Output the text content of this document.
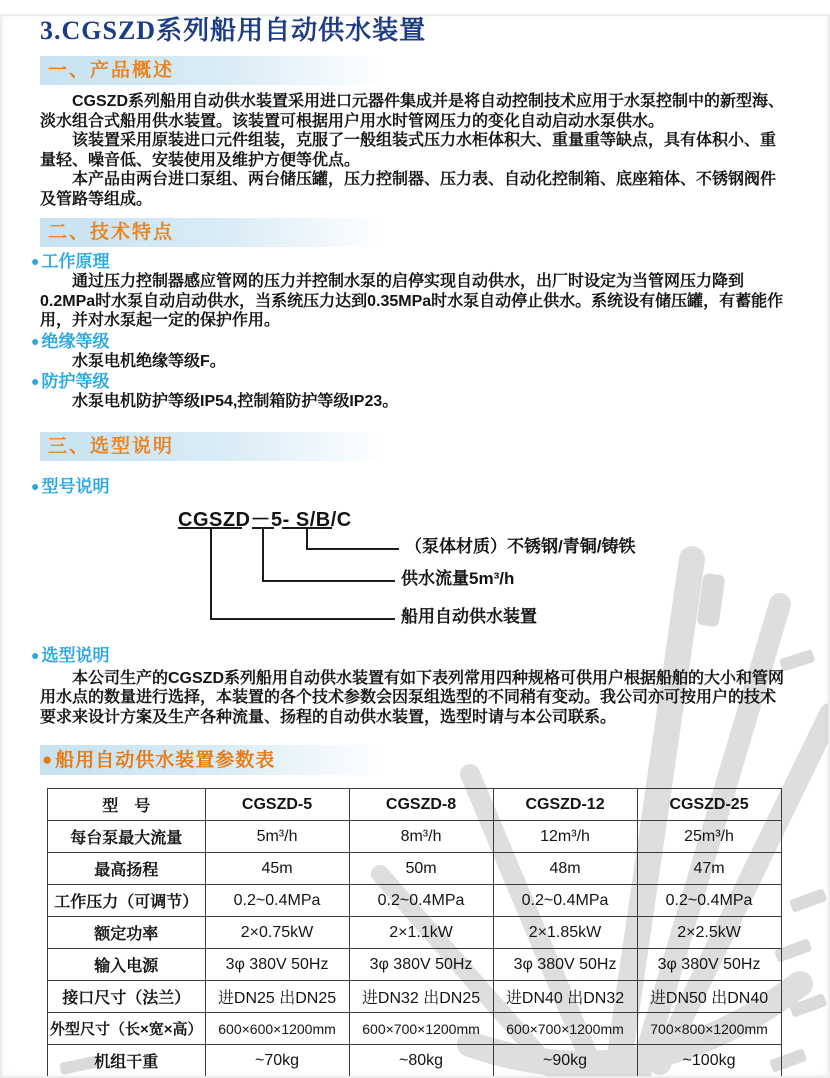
3.CGSZD系列船用自动供水装置
一、产品概述

CGSZD系列船用自动供水装置采用进口元器件集成并是将自动控制技术应用于水泵控制中的新型海、淡水组合式船用供水装置。该装置可根据用户用水时管网压力的变化自动启动水泵供水。

该装置采用原装进口元件组装，克服了一般组装式压力水柜体积大、重量重等缺点，具有体积小、重量轻、噪音低、安装使用及维护方便等优点。

本产品由两台进口泵组、两台储压罐，压力控制器、压力表、自动化控制箱、底座箱体、不锈钢阀件及管路等组成。

二、技术特点
● 工作原理

通过压力控制器感应管网的压力并控制水泵的启停实现自动供水，出厂时设定为当管网压力降到0.2MPa时水泵自动启动供水，当系统压力达到0.35MPa时水泵自动停止供水。系统设有储压罐，有蓄能作用，并对水泵起一定的保护作用。

● 绝缘等级

水泵电机绝缘等级F。

● 防护等级

水泵电机防护等级IP54,控制箱防护等级IP23。

三、选型说明
● 型号说明
CGSZD－5- S/B/C
（泵体材质）不锈钢/青铜/铸铁
供水流量5m³/h
船用自动供水装置
● 选型说明

本公司生产的CGSZD系列船用自动供水装置有如下表列常用四种规格可供用户根据船舶的大小和管网用水点的数量进行选择，本装置的各个技术参数会因泵组选型的不同稍有变动。我公司亦可按用户的技术要求来设计方案及生产各种流量、扬程的自动供水装置，选型时请与本公司联系。

● 船用自动供水装置参数表
型　号	CGSZD-5	CGSZD-8	CGSZD-12	CGSZD-25
每台泵最大流量	5m³/h	8m³/h	12m³/h	25m³/h
最高扬程	45m	50m	48m	47m
工作压力（可调节）	0.2~0.4MPa	0.2~0.4MPa	0.2~0.4MPa	0.2~0.4MPa
额定功率	2×0.75kW	2×1.1kW	2×1.85kW	2×2.5kW
输入电源	3φ 380V 50Hz	3φ 380V 50Hz	3φ 380V 50Hz	3φ 380V 50Hz
接口尺寸（法兰）	进DN25 出DN25	进DN32 出DN25	进DN40 出DN32	进DN50 出DN40
外型尺寸（长×宽×高）	600×600×1200mm	600×700×1200mm	600×700×1200mm	700×800×1200mm
机组干重	~70kg	~80kg	~90kg	~100kg
